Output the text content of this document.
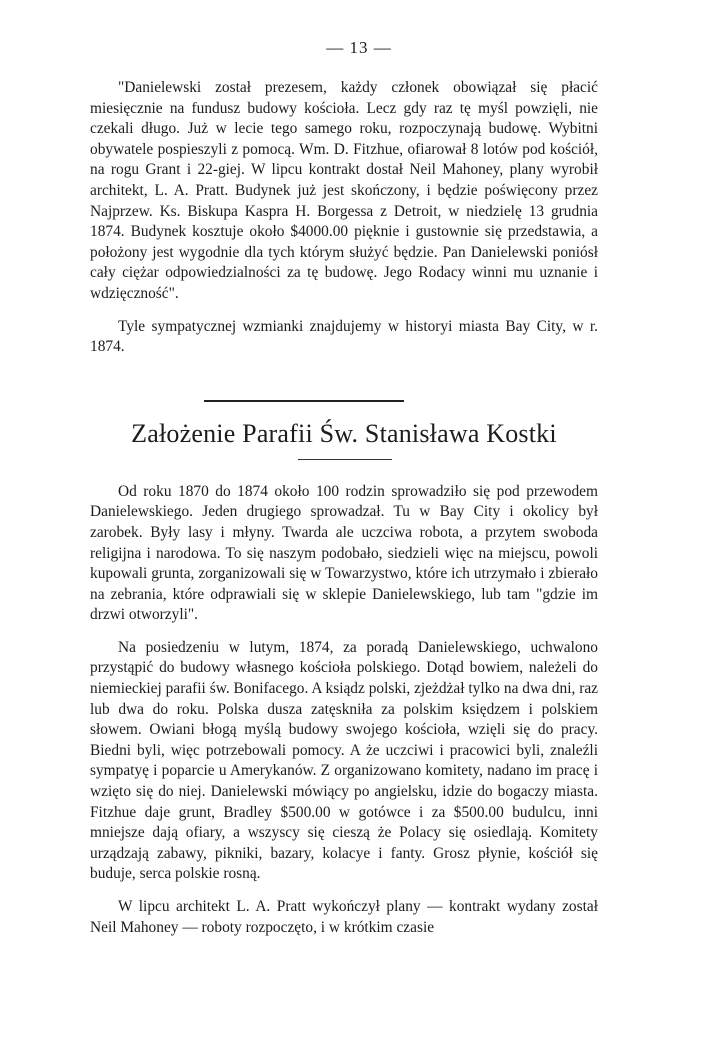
— 13 —

"Danielewski został prezesem, każdy członek obowiązał się płacić miesięcznie na fundusz budowy kościoła. Lecz gdy raz tę myśl powzięli, nie czekali długo. Już w lecie tego samego roku, rozpoczynają budowę. Wybitni obywatele pospieszyli z pomocą. Wm. D. Fitzhue, ofiarował 8 lotów pod kościół, na rogu Grant i 22-giej. W lipcu kontrakt dostał Neil Mahoney, plany wyrobił architekt, L. A. Pratt. Budynek już jest skończony, i będzie poświęcony przez Najprzew. Ks. Biskupa Kaspra H. Borgessa z Detroit, w niedzielę 13 grudnia 1874. Budynek kosztuje około $4000.00 pięknie i gustownie się przedstawia, a położony jest wygodnie dla tych którym służyć będzie. Pan Danielewski poniósł cały ciężar odpowiedzialności za tę budowę. Jego Rodacy winni mu uznanie i wdzięczność".

Tyle sympatycznej wzmianki znajdujemy w historyi miasta Bay City, w r. 1874.

Założenie Parafii Św. Stanisława Kostki

Od roku 1870 do 1874 około 100 rodzin sprowadziło się pod przewodem Danielewskiego. Jeden drugiego sprowadzał. Tu w Bay City i okolicy był zarobek. Były lasy i młyny. Twarda ale uczciwa robota, a przytem swoboda religijna i narodowa. To się naszym podobało, siedzieli więc na miejscu, powoli kupowali grunta, zorganizowali się w Towarzystwo, które ich utrzymało i zbierało na zebrania, które odprawiali się w sklepie Danielewskiego, lub tam "gdzie im drzwi otworzyli".

Na posiedzeniu w lutym, 1874, za poradą Danielewskiego, uchwalono przystąpić do budowy własnego kościoła polskiego. Dotąd bowiem, należeli do niemieckiej parafii św. Bonifacego. A ksiądz polski, zjeżdżał tylko na dwa dni, raz lub dwa do roku. Polska dusza zatęskniła za polskim księdzem i polskiem słowem. Owiani błogą myślą budowy swojego kościoła, wzięli się do pracy. Biedni byli, więc potrzebowali pomocy. A że uczciwi i pracowici byli, znaleźli sympatyę i poparcie u Amerykanów. Z organizowano komitety, nadano im pracę i wzięto się do niej. Danielewski mówiący po angielsku, idzie do bogaczy miasta. Fitzhue daje grunt, Bradley $500.00 w gotówce i za $500.00 budulcu, inni mniejsze dają ofiary, a wszyscy się cieszą że Polacy się osiedlają. Komitety urządzają zabawy, pikniki, bazary, kolacye i fanty. Grosz płynie, kościół się buduje, serca polskie rosną.

W lipcu architekt L. A. Pratt wykończył plany — kontrakt wydany został Neil Mahoney — roboty rozpoczęto, i w krótkim czasie
